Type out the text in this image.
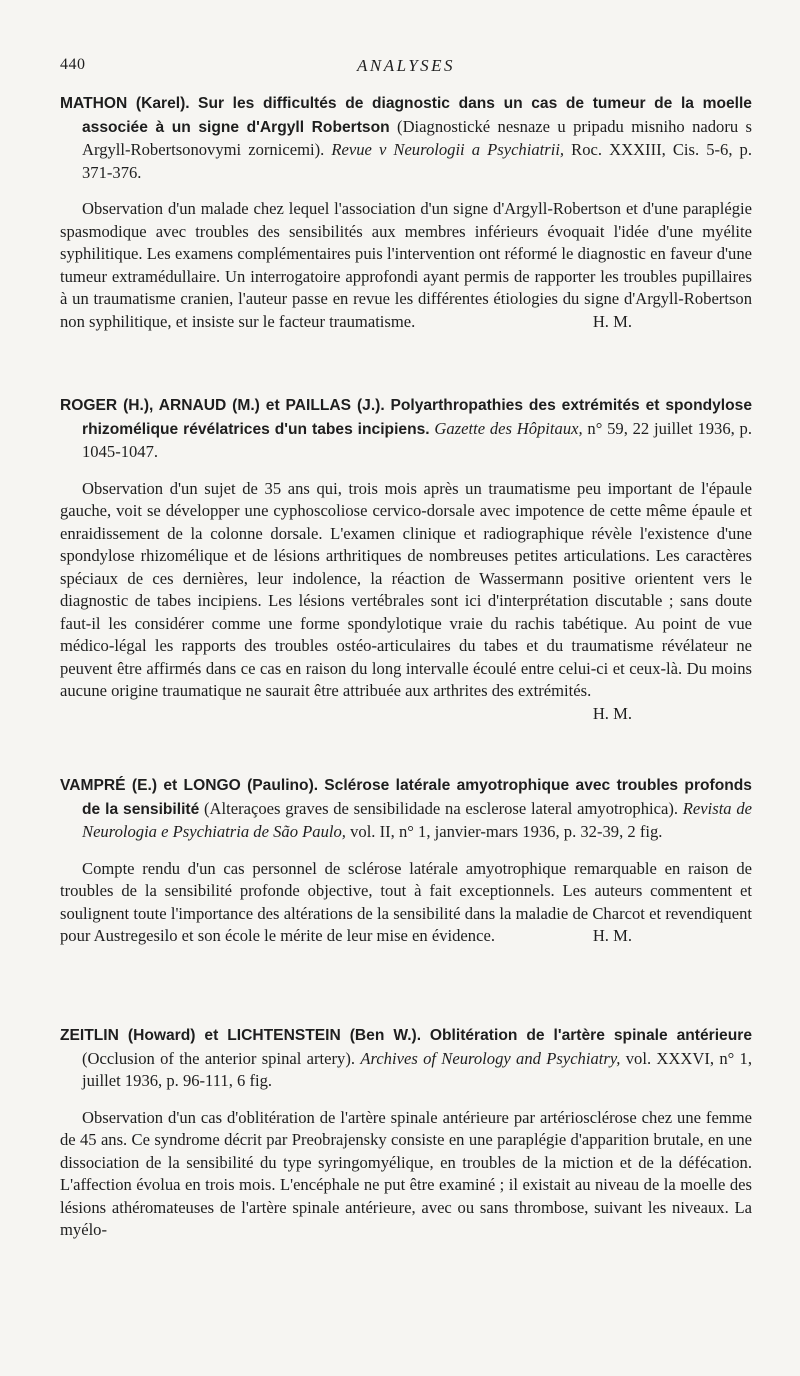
440	ANALYSES

MATHON (Karel). Sur les difficultés de diagnostic dans un cas de tumeur de la moelle associée à un signe d'Argyll Robertson (Diagnostické nesnaze u pripadu misniho nadoru s Argyll-Robertsonovymi zornicemi). Revue v Neurologii a Psychiatrii, Roc. XXXIII, Cis. 5-6, p. 371-376.

Observation d'un malade chez lequel l'association d'un signe d'Argyll-Robertson et d'une paraplégie spasmodique avec troubles des sensibilités aux membres inférieurs évoquait l'idée d'une myélite syphilitique. Les examens complémentaires puis l'intervention ont réformé le diagnostic en faveur d'une tumeur extramédullaire. Un interrogatoire approfondi ayant permis de rapporter les troubles pupillaires à un traumatisme cranien, l'auteur passe en revue les différentes étiologies du signe d'Argyll-Robertson non syphilitique, et insiste sur le facteur traumatisme.	H. M.

ROGER (H.), ARNAUD (M.) et PAILLAS (J.). Polyarthropathies des extrémités et spondylose rhizomélique révélatrices d'un tabes incipiens. Gazette des Hôpitaux, n° 59, 22 juillet 1936, p. 1045-1047.

Observation d'un sujet de 35 ans qui, trois mois après un traumatisme peu important de l'épaule gauche, voit se développer une cyphoscoliose cervico-dorsale avec impotence de cette même épaule et enraidissement de la colonne dorsale. L'examen clinique et radiographique révèle l'existence d'une spondylose rhizomélique et de lésions arthritiques de nombreuses petites articulations. Les caractères spéciaux de ces dernières, leur indolence, la réaction de Wassermann positive orientent vers le diagnostic de tabes incipiens. Les lésions vertébrales sont ici d'interprétation discutable ; sans doute faut-il les considérer comme une forme spondylotique vraie du rachis tabétique. Au point de vue médico-légal les rapports des troubles ostéo-articulaires du tabes et du traumatisme révélateur ne peuvent être affirmés dans ce cas en raison du long intervalle écoulé entre celui-ci et ceux-là. Du moins aucune origine traumatique ne saurait être attribuée aux arthrites des extrémités.
H. M.

VAMPRÉ (E.) et LONGO (Paulino). Sclérose latérale amyotrophique avec troubles profonds de la sensibilité (Alteraçoes graves de sensibilidade na esclerose lateral amyotrophica). Revista de Neurologia e Psychiatria de São Paulo, vol. II, n° 1, janvier-mars 1936, p. 32-39, 2 fig.

Compte rendu d'un cas personnel de sclérose latérale amyotrophique remarquable en raison de troubles de la sensibilité profonde objective, tout à fait exceptionnels. Les auteurs commentent et soulignent toute l'importance des altérations de la sensibilité dans la maladie de Charcot et revendiquent pour Austregesilo et son école le mérite de leur mise en évidence.	H. M.

ZEITLIN (Howard) et LICHTENSTEIN (Ben W.). Oblitération de l'artère spinale antérieure (Occlusion of the anterior spinal artery). Archives of Neurology and Psychiatry, vol. XXXVI, n° 1, juillet 1936, p. 96-111, 6 fig.

Observation d'un cas d'oblitération de l'artère spinale antérieure par artériosclérose chez une femme de 45 ans. Ce syndrome décrit par Preobrajensky consiste en une paraplégie d'apparition brutale, en une dissociation de la sensibilité du type syringomyélique, en troubles de la miction et de la défécation. L'affection évolua en trois mois. L'encéphale ne put être examiné ; il existait au niveau de la moelle des lésions athéromateuses de l'artère spinale antérieure, avec ou sans thrombose, suivant les niveaux. La myélo-
